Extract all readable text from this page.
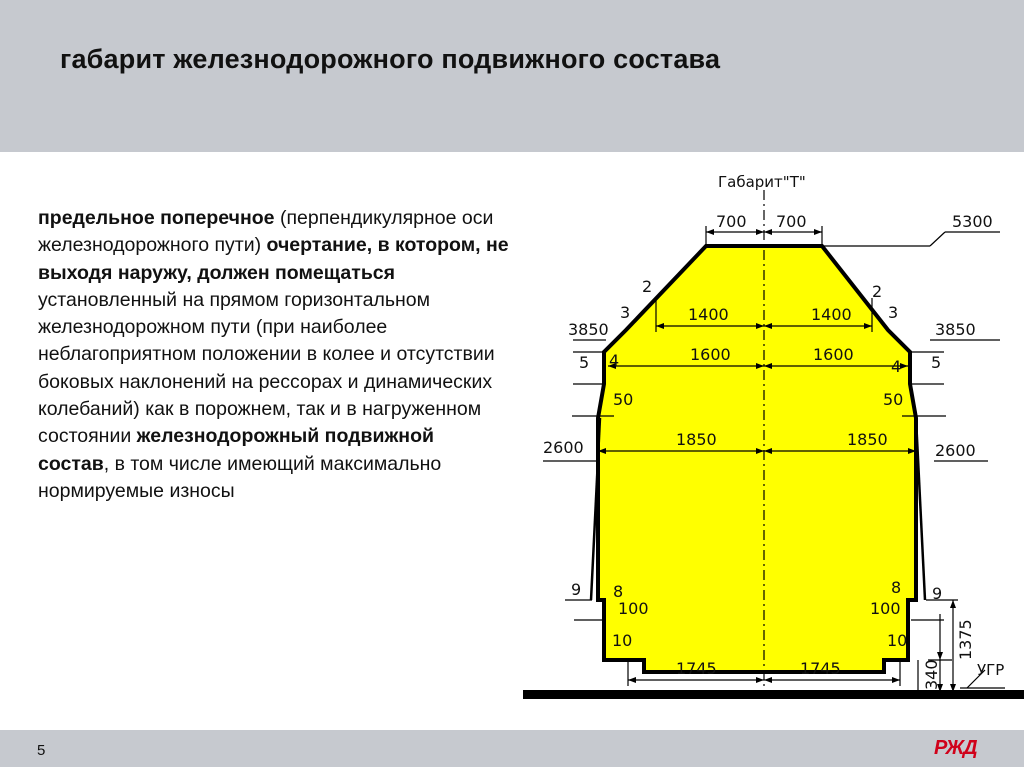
габарит железнодорожного подвижного состава

предельное поперечное (перпендикулярное оси железнодорожного пути) очертание, в котором, не выходя наружу, должен помещаться установленный на прямом горизонтальном железнодорожном пути (при наиболее неблагоприятном положении в колее и отсутствии боковых наклонений на рессорах и динамических колебаний) как в порожнем, так и в нагруженном состоянии железнодорожный подвижной состав, в том числе имеющий максимально нормируемые износы

Габарит"Т"
700 700	5300
1400	1400
1600	1600
3850	3850
50	50
1850	1850
2600	2600
100	100
1745	1745
1375
340 УГР
2
3
4
5
2
3
4 5
9 8
10
8 9
10
5	РЖД
